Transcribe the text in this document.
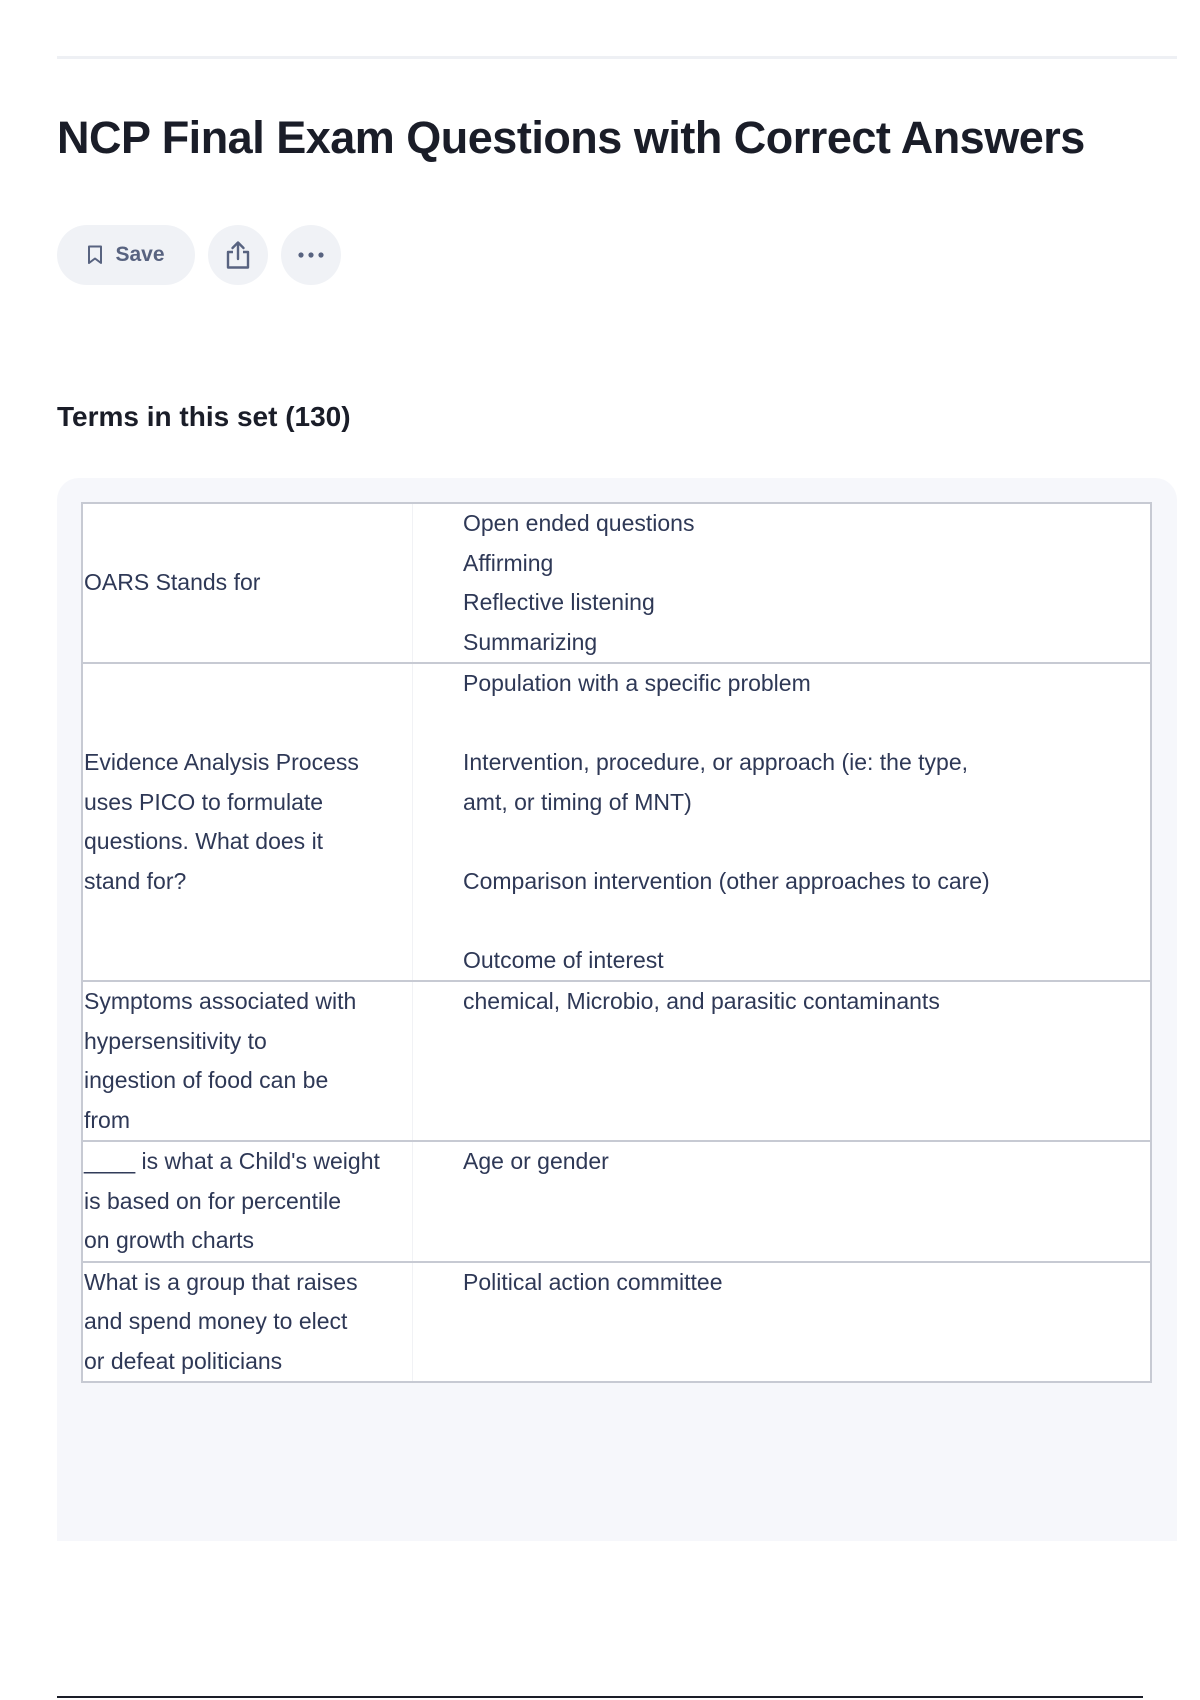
NCP Final Exam Questions with Correct Answers
Save
Terms in this set (130)
OARS Stands for	Open ended questions
Affirming
Reflective listening
Summarizing

Evidence Analysis Process
uses PICO to formulate
questions. What does it
stand for?	Population with a specific problem
Intervention, procedure, or approach (ie: the type,
amt, or timing of MNT)
Comparison intervention (other approaches to care)
Outcome of interest

Symptoms associated with
hypersensitivity to
ingestion of food can be
from	chemical, Microbio, and parasitic contaminants

____ is what a Child's weight
is based on for percentile
on growth charts	Age or gender

What is a group that raises
and spend money to elect
or defeat politicians	Political action committee
